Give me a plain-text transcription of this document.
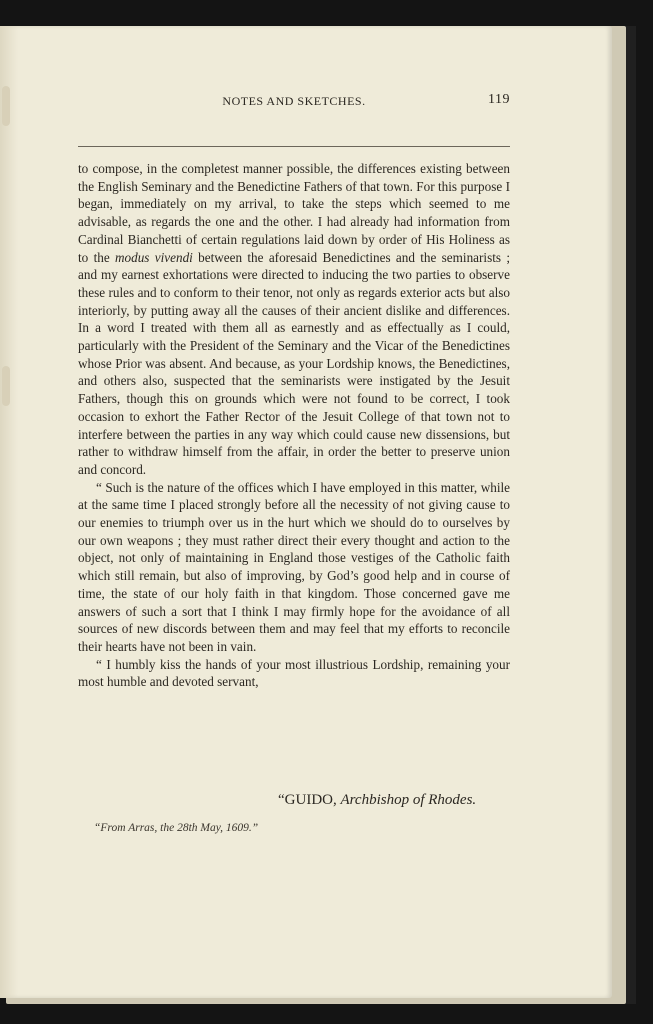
NOTES AND SKETCHES.	119

to compose, in the completest manner possible, the differences existing between the English Seminary and the Benedictine Fathers of that town. For this purpose I began, immediately on my arrival, to take the steps which seemed to me advisable, as regards the one and the other. I had already had information from Cardinal Bianchetti of certain regulations laid down by order of His Holiness as to the modus vivendi between the aforesaid Benedictines and the seminarists ; and my earnest exhortations were directed to inducing the two parties to observe these rules and to conform to their tenor, not only as regards exterior acts but also interiorly, by putting away all the causes of their ancient dislike and differences. In a word I treated with them all as earnestly and as effectually as I could, particularly with the President of the Seminary and the Vicar of the Benedictines whose Prior was absent. And because, as your Lordship knows, the Benedictines, and others also, suspected that the seminarists were instigated by the Jesuit Fathers, though this on grounds which were not found to be correct, I took occasion to exhort the Father Rector of the Jesuit College of that town not to interfere between the parties in any way which could cause new dissensions, but rather to withdraw himself from the affair, in order the better to preserve union and concord.

“ Such is the nature of the offices which I have employed in this matter, while at the same time I placed strongly before all the necessity of not giving cause to our enemies to triumph over us in the hurt which we should do to ourselves by our own weapons ; they must rather direct their every thought and action to the object, not only of maintaining in England those vestiges of the Catholic faith which still remain, but also of improving, by God’s good help and in course of time, the state of our holy faith in that kingdom. Those concerned gave me answers of such a sort that I think I may firmly hope for the avoidance of all sources of new discords between them and may feel that my efforts to reconcile their hearts have not been in vain.

“ I humbly kiss the hands of your most illustrious Lordship, remaining your most humble and devoted servant,

“GUIDO, Archbishop of Rhodes.
“From Arras, the 28th May, 1609.”
